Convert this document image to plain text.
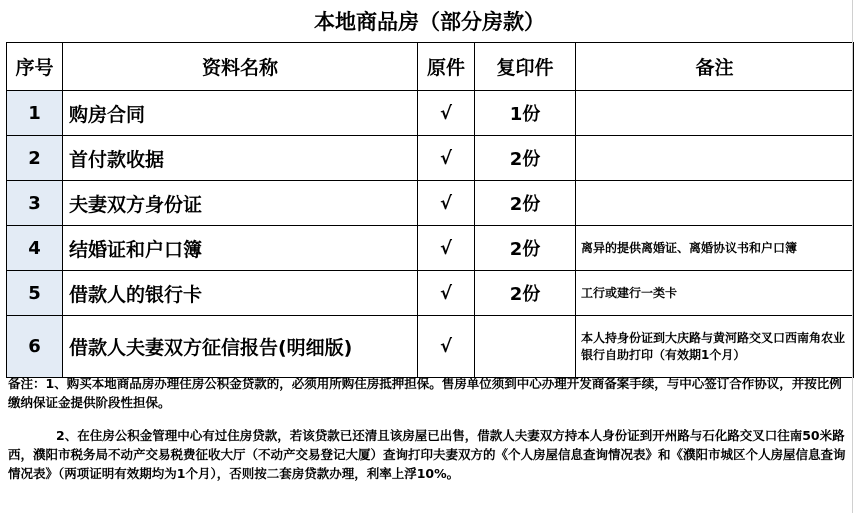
本地商品房（部分房款）
序号	资料名称	原件	复印件	备注
1	购房合同	√	1份	
2	首付款收据	√	2份	
3	夫妻双方身份证	√	2份	
4	结婚证和户口簿	√	2份	离异的提供离婚证、离婚协议书和户口簿
5	借款人的银行卡	√	2份	工行或建行一类卡
6	借款人夫妻双方征信报告(明细版)	√		本人持身份证到大庆路与黄河路交叉口西南角农业银行自助打印（有效期1个月）

备注：1、购买本地商品房办理住房公积金贷款的，必须用所购住房抵押担保。售房单位须到中心办理开发商备案手续，与中心签订合作协议，并按比例缴纳保证金提供阶段性担保。

2、在住房公积金管理中心有过住房贷款，若该贷款已还清且该房屋已出售，借款人夫妻双方持本人身份证到开州路与石化路交叉口往南50米路西，濮阳市税务局不动产交易税费征收大厅（不动产交易登记大厦）查询打印夫妻双方的《个人房屋信息查询情况表》和《濮阳市城区个人房屋信息查询情况表》（两项证明有效期均为1个月），否则按二套房贷款办理，利率上浮10%。
